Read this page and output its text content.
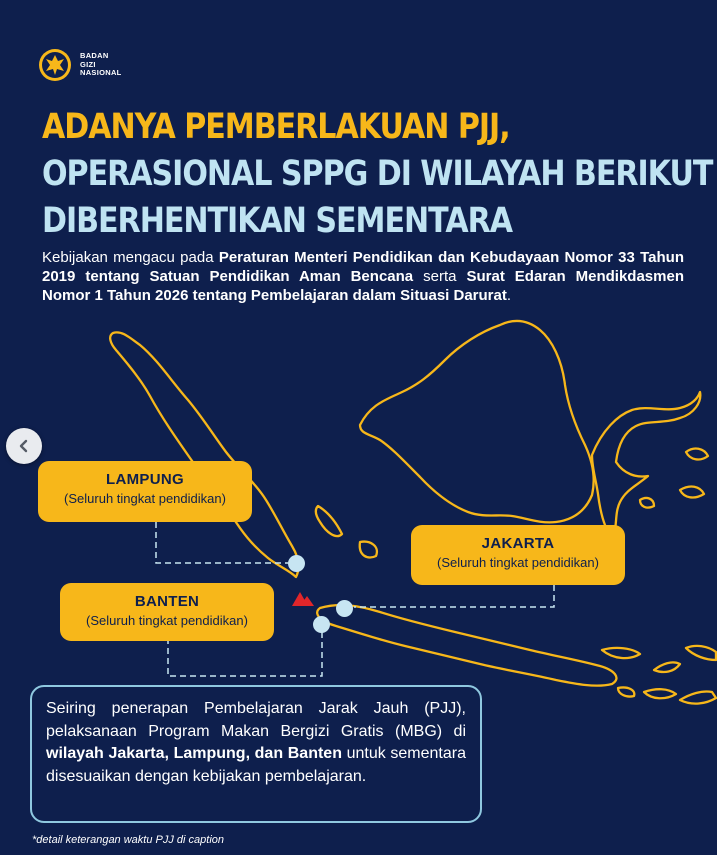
BADAN
GIZI
NASIONAL
ADANYA PEMBERLAKUAN PJJ,
OPERASIONAL SPPG DI WILAYAH BERIKUT
DIBERHENTIKAN SEMENTARA

Kebijakan mengacu pada Peraturan Menteri Pendidikan dan Kebudayaan Nomor 33 Tahun 2019 tentang Satuan Pendidikan Aman Bencana serta Surat Edaran Mendikdasmen Nomor 1 Tahun 2026 tentang Pembelajaran dalam Situasi Darurat.

LAMPUNG
(Seluruh tingkat pendidikan)
JAKARTA
(Seluruh tingkat pendidikan)
BANTEN
(Seluruh tingkat pendidikan)
Seiring penerapan Pembelajaran Jarak Jauh (PJJ), pelaksanaan Program Makan Bergizi Gratis (MBG) di wilayah Jakarta, Lampung, dan Banten untuk sementara disesuaikan dengan kebijakan pembelajaran.
*detail keterangan waktu PJJ di caption
